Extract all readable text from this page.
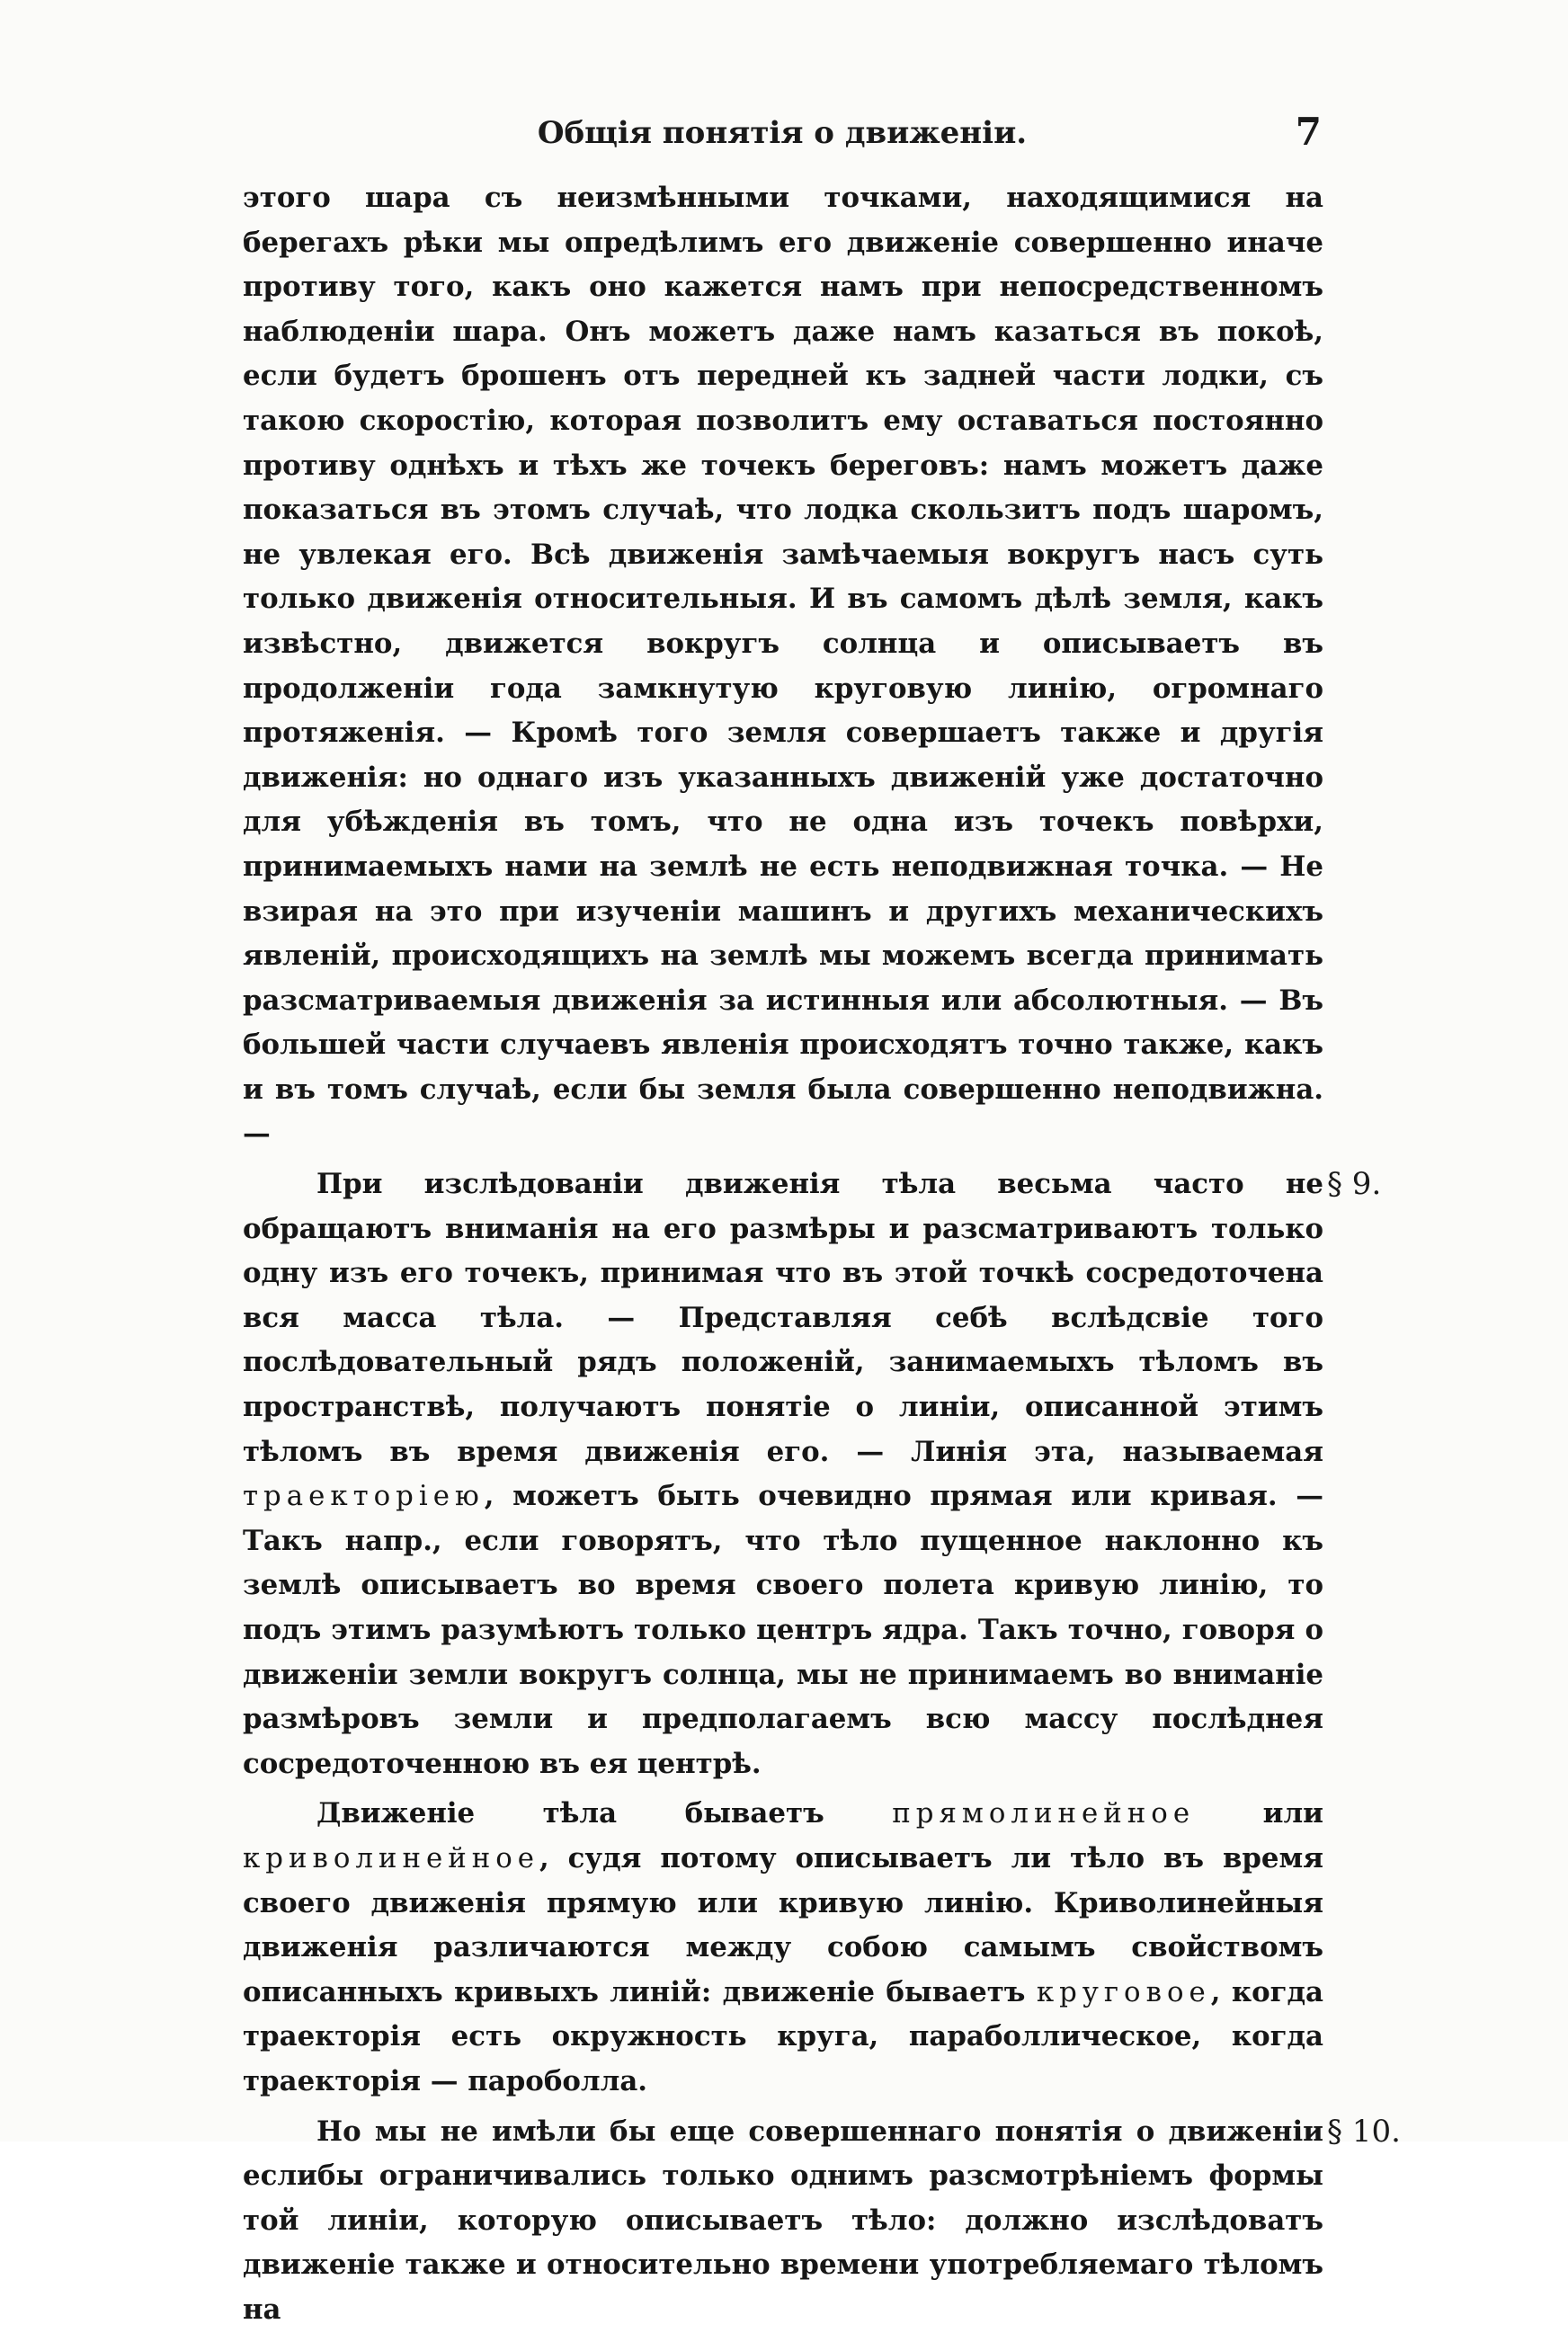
Общія понятія о движеніи.	7

этого шара съ неизмѣнными точками, находящимися на берегахъ рѣки мы опредѣлимъ его движеніе совершенно иначе противу того, какъ оно кажется намъ при непосредственномъ наблюденіи шара. Онъ можетъ даже намъ казаться въ покоѣ, если будетъ брошенъ отъ передней къ задней части лодки, съ такою скоростію, которая позволитъ ему оставаться постоянно противу однѣхъ и тѣхъ же точекъ береговъ: намъ можетъ даже показаться въ этомъ случаѣ, что лодка скользитъ подъ шаромъ, не увлекая его. Всѣ движенія замѣчаемыя вокругъ насъ суть только движенія относительныя. И въ самомъ дѣлѣ земля, какъ извѣстно, движется вокругъ солнца и описываетъ въ продолженіи года замкнутую круговую линію, огромнаго протяженія. — Кромѣ того земля совершаетъ также и другія движенія: но однаго изъ указанныхъ движеній уже достаточно для убѣжденія въ томъ, что не одна изъ точекъ повѣрхи, принимаемыхъ нами на землѣ не есть неподвижная точка. — Не взирая на это при изученіи машинъ и другихъ механическихъ явленій, происходящихъ на землѣ мы можемъ всегда принимать разсматриваемыя движенія за истинныя или абсолютныя. — Въ большей части случаевъ явленія происходятъ точно также, какъ и въ томъ случаѣ, если бы земля была совершенно неподвижна. —

§ 9.
При изслѣдованіи движенія тѣла весьма часто не обращаютъ вниманія на его размѣры и разсматриваютъ только одну изъ его точекъ, принимая что въ этой точкѣ сосредоточена вся масса тѣла. — Представляя себѣ вслѣдсвіе того послѣдовательный рядъ положеній, занимаемыхъ тѣломъ въ пространствѣ, получаютъ понятіе о линіи, описанной этимъ тѣломъ въ время движенія его. — Линія эта, называемая траекторіею, можетъ быть очевидно прямая или кривая. — Такъ напр., если говорятъ, что тѣло пущенное наклонно къ землѣ описываетъ во время своего полета кривую линію, то подъ этимъ разумѣютъ только центръ ядра. Такъ точно, говоря о движеніи земли вокругъ солнца, мы не принимаемъ во вниманіе размѣровъ земли и предполагаемъ всю массу послѣднея сосредоточенною въ ея центрѣ.

Движеніе тѣла бываетъ прямолинейное или криволинейное, судя потому описываетъ ли тѣло въ время своего движенія прямую или кривую линію. Криволинейныя движенія различаются между собою самымъ свойствомъ описанныхъ кривыхъ линій: движеніе бываетъ круговое, когда траекторія есть окружность круга, параболлическое, когда траекторія — пароболла.

§ 10.
Но мы не имѣли бы еще совершеннаго понятія о движеніи еслибы ограничивались только однимъ разсмотрѣніемъ формы той линіи, которую описываетъ тѣло: должно изслѣдоватъ движеніе также и относительно времени употребляемаго тѣломъ на
